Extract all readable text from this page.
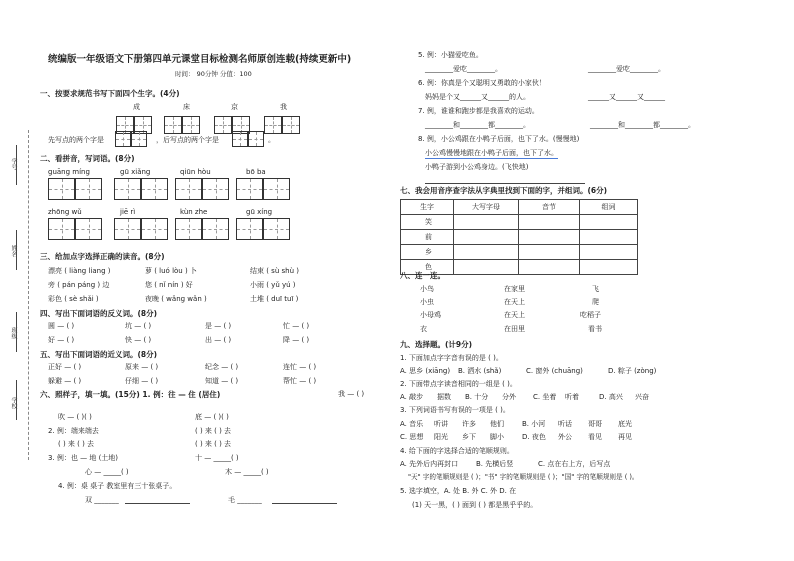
统编版一年级语文下册第四单元课堂目标检测名师原创连载(持续更新中)
时间： 90分钟 分值：100
学号
姓名
班级
学校
一、按要求规范书写下面四个生字。(4分)
成	床	京	我
先写点的两个字是	，后写点的两个字是	。
二、看拼音，写词语。(8分)
guāng míng	gū xiǎng	qiūn hòu	bō ba
zhōng wǔ	jiē rì	kùn zhe	gū xíng
三、给加点字选择正确的读音。(8分)
漂亮 ( liàng liang )	萝 ( luó lòu ) 卜	结束 ( sù shù )
旁 ( pán páng ) 边	您 ( nǐ nín ) 好	小雨 ( yǔ yú )
彩色 ( sè shǎi )	夜晚 ( wǎnɡ wǎn )	土堆 ( duī tuī )
四、写出下面词语的反义词。(8分)
圆 — ( )	坑 — ( )	是 — ( )	忙 — ( )
好 — ( )	快 — ( )	出 — ( )	降 — ( )
五、写出下面词语的近义词。(8分)
正好 — ( )	原来 — ( )	纪念 — ( )	连忙 — ( )
躲避 — ( )	仔细 — ( )	知道 — ( )	帮忙 — ( )
六、照样子，填一填。(15分) 1. 例：往 — 住 (居住)	我 — ( )
吹 — ( )( )	底 — ( )( )
2. 例：端来端去	( ) 来 ( ) 去
( ) 来 ( ) 去	( ) 来 ( ) 去
3. 例：也 — 地 (土地)	十 — _____( )
心 — _____( )	木 — _____( )
4. 例：桌 桌子 教室里有三十张桌子。
双 _______	毛 _______
5. 例：小猫爱吃鱼。
________爱吃________。	________爱吃________。
6. 例：你真是个又聪明又勇敢的小家伙！
妈妈是个又______又______的人。	______又______又______
7. 例，谁谁和跑步都是我喜欢的运动。
________和________都________。	________和________都________。
8. 例，小公鸡跟在小鸭子后面，也下了水。(慢慢地)
小公鸡慢慢地跟在小鸭子后面，也下了水。
小鸭子游到小公鸡身边。(飞快地)
七、我会用音序查字法从字典里找到下面的字，并组词。(6分)
生字	大写字母	音节	组词
笑			
前			
乡			
色			
八、连一连。
小鸟	在家里	飞
小虫	在天上	爬
小母鸡	在天上	吃稻子
衣	在田里	看书
九、选择题。(计9分)
1. 下面加点字字音有误的是 ( )。
A. 思乡 (xiāng) B. 洒水 (shǎ)	C. 窗外 (chuāng)	D. 粽子 (zòng)
2. 下面带点字读音相同的一组是 ( )。
A. 敲步 据数 B. 十分 分外 C. 坐着 听着	D. 高兴 兴奋
3. 下列词语书写有误的一项是 ( )。
A. 音乐 听讲 许多 他们	B. 小河 听话 哥哥 底光
C. 思想 阳光 乡下 脚小	D. 夜色 外公 看见 再见
4. 给下面的字选择合适的笔顺规则。
A. 先外后内再封口	B. 先横后竖	C. 点在右上方，后写点
"天" 字的笔顺规则是 ( )；"书" 字的笔顺规则是 ( )；"国" 字的笔顺规则是 ( )。
5. 选字填空，A. 处 B. 外 C. 外 D. 在
(1) 天一黑，( ) 面到 ( ) 都是黑乎乎的。
